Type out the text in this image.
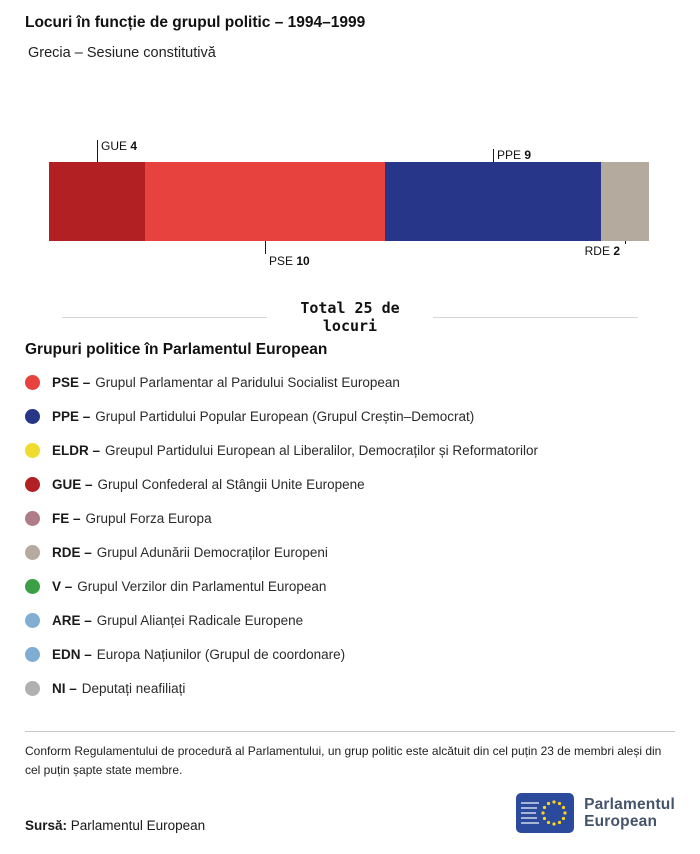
Locuri în funcție de grupul politic – 1994–1999
Grecia – Sesiune constitutivă
GUE 4
PSE 10
PPE 9
RDE 2
Total 25 de locuri
Grupuri politice în Parlamentul European
PSE – Grupul Parlamentar al Paridului Socialist European
PPE – Grupul Partidului Popular European (Grupul Creștin–Democrat)
ELDR – Greupul Partidului European al Liberalilor, Democraților și Reformatorilor
GUE – Grupul Confederal al Stângii Unite Europene
FE – Grupul Forza Europa
RDE – Grupul Adunării Democraților Europeni
V – Grupul Verzilor din Parlamentul European
ARE – Grupul Alianței Radicale Europene
EDN – Europa Națiunilor (Grupul de coordonare)
NI – Deputați neafiliați

Conform Regulamentului de procedură al Parlamentului, un grup politic este alcătuit din cel puțin 23 de membri aleși din cel puțin șapte state membre.

Sursă: Parlamentul European

Parlamentul
European
